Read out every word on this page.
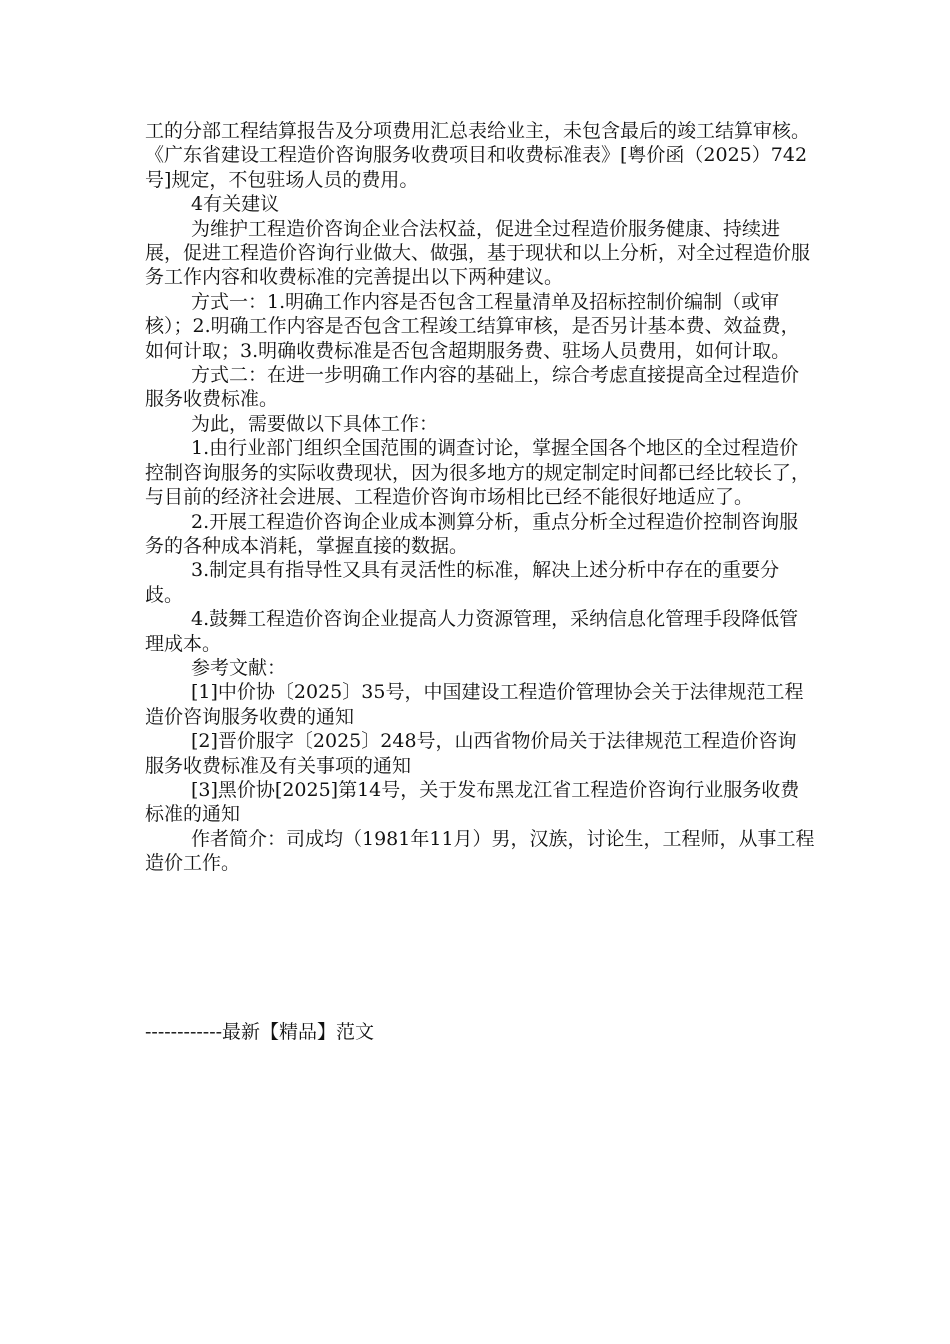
工的分部工程结算报告及分项费用汇总表给业主，未包含最后的竣工结算审核。《广东省建设工程造价咨询服务收费项目和收费标准表》[粤价函（2025）742号]规定，不包驻场人员的费用。

4有关建议

为维护工程造价咨询企业合法权益，促进全过程造价服务健康、持续进展，促进工程造价咨询行业做大、做强，基于现状和以上分析，对全过程造价服务工作内容和收费标准的完善提出以下两种建议。

方式一：1.明确工作内容是否包含工程量清单及招标控制价编制（或审核）；2.明确工作内容是否包含工程竣工结算审核，是否另计基本费、效益费，如何计取；3.明确收费标准是否包含超期服务费、驻场人员费用，如何计取。

方式二：在进一步明确工作内容的基础上，综合考虑直接提高全过程造价服务收费标准。

为此，需要做以下具体工作：

1.由行业部门组织全国范围的调查讨论，掌握全国各个地区的全过程造价控制咨询服务的实际收费现状，因为很多地方的规定制定时间都已经比较长了，与目前的经济社会进展、工程造价咨询市场相比已经不能很好地适应了。

2.开展工程造价咨询企业成本测算分析，重点分析全过程造价控制咨询服务的各种成本消耗，掌握直接的数据。

3.制定具有指导性又具有灵活性的标准，解决上述分析中存在的重要分歧。

4.鼓舞工程造价咨询企业提高人力资源管理，采纳信息化管理手段降低管理成本。

参考文献：

[1]中价协〔2025〕35号，中国建设工程造价管理协会关于法律规范工程造价咨询服务收费的通知

[2]晋价服字〔2025〕248号，山西省物价局关于法律规范工程造价咨询服务收费标准及有关事项的通知

[3]黑价协[2025]第14号，关于发布黑龙江省工程造价咨询行业服务收费标准的通知

作者简介：司成均（1981年11月）男，汉族，讨论生，工程师，从事工程造价工作。

------------最新【精品】范文
